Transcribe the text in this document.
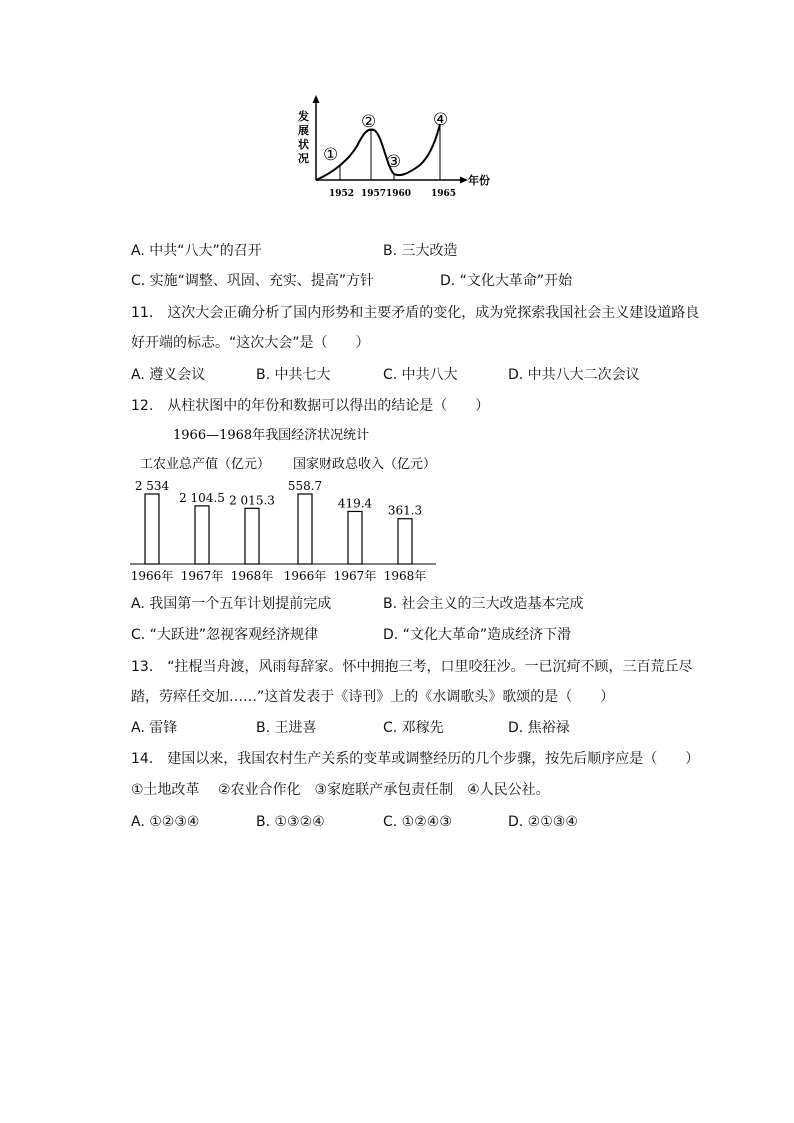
发
展
状
况 ①
②
③
④
1952 1957 1960 1965
年份
A. 中共“八大”的召开	B. 三大改造
C. 实施“调整、巩固、充实、提高”方针	D. “文化大革命”开始
11.　这次大会正确分析了国内形势和主要矛盾的变化，成为党探索我国社会主义建设道路良
好开端的标志。“这次大会”是（　　）
A. 遵义会议	B. 中共七大	C. 中共八大	D. 中共八大二次会议
12.　从柱状图中的年份和数据可以得出的结论是（　　）
1966—1968年我国经济状况统计
工农业总产值（亿元） 国家财政总收入（亿元）
2 534
1966年
2 104.5
1967年
2 015.3
1968年
558.7
1966年
419.4
1967年
361.3
1968年
A. 我国第一个五年计划提前完成	B. 社会主义的三大改造基本完成
C. “大跃进”忽视客观经济规律	D. “文化大革命”造成经济下滑
13.　“拄棍当舟渡，风雨每辞家。怀中拥抱三考，口里咬狂沙。一已沉疴不顾，三百荒丘尽
踏，劳瘁任交加……”这首发表于《诗刊》上的《水调歌头》歌颂的是（　　）
A. 雷锋	B. 王进喜	C. 邓稼先	D. 焦裕禄
14.　建国以来，我国农村生产关系的变革或调整经历的几个步骤，按先后顺序应是（　　）
①土地改革　 ②农业合作化　③家庭联产承包责任制　④人民公社。
A. ①②③④	B. ①③②④	C. ①②④③	D. ②①③④
